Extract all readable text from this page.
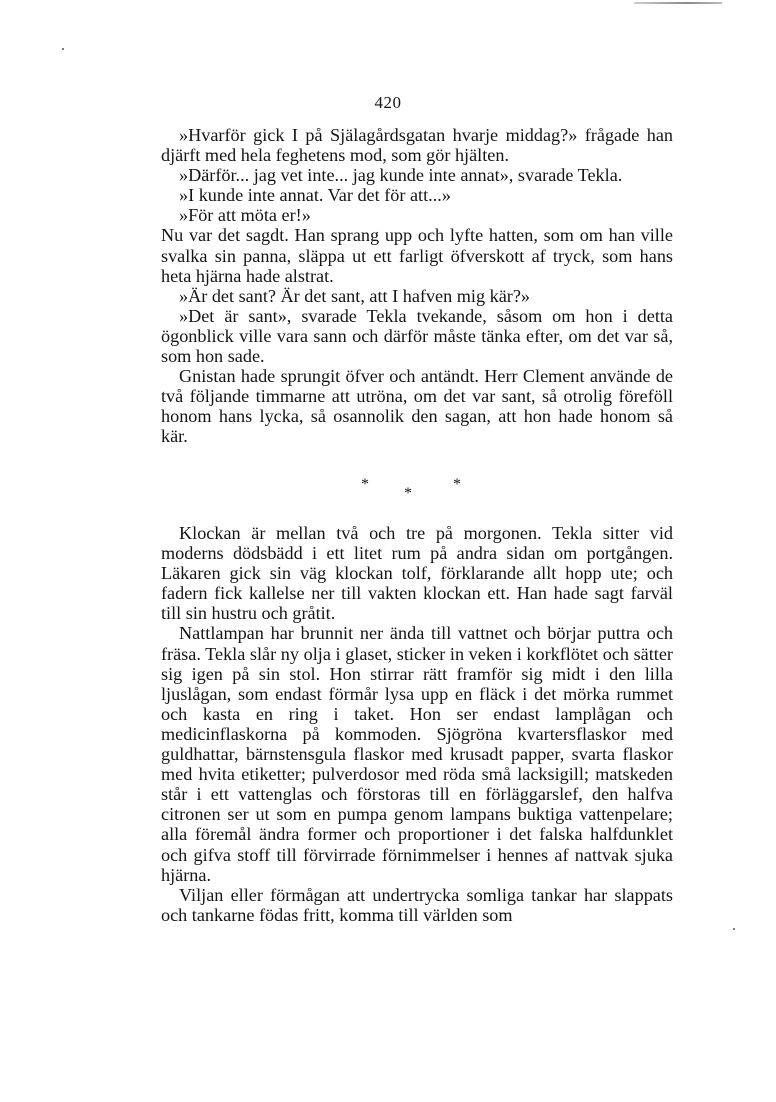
420

»Hvarför gick I på Själagårdsgatan hvarje middag?» frågade han djärft med hela feghetens mod, som gör hjälten.

»Därför... jag vet inte... jag kunde inte annat», svarade Tekla.

»I kunde inte annat. Var det för att...»

»För att möta er!»

Nu var det sagdt. Han sprang upp och lyfte hatten, som om han ville svalka sin panna, släppa ut ett farligt öfverskott af tryck, som hans heta hjärna hade alstrat.

»Är det sant? Är det sant, att I hafven mig kär?»

»Det är sant», svarade Tekla tvekande, såsom om hon i detta ögonblick ville vara sann och därför måste tänka efter, om det var så, som hon sade.

Gnistan hade sprungit öfver och antändt. Herr Clement använde de två följande timmarne att utröna, om det var sant, så otrolig föreföll honom hans lycka, så osannolik den sagan, att hon hade honom så kär.

*
*
*

Klockan är mellan två och tre på morgonen. Tekla sitter vid moderns dödsbädd i ett litet rum på andra sidan om portgången. Läkaren gick sin väg klockan tolf, förklarande allt hopp ute; och fadern fick kallelse ner till vakten klockan ett. Han hade sagt farväl till sin hustru och gråtit.

Nattlampan har brunnit ner ända till vattnet och börjar puttra och fräsa. Tekla slår ny olja i glaset, sticker in veken i korkflötet och sätter sig igen på sin stol. Hon stirrar rätt framför sig midt i den lilla ljuslågan, som endast förmår lysa upp en fläck i det mörka rummet och kasta en ring i taket. Hon ser endast lamplågan och medicinflaskorna på kommoden. Sjögröna kvartersflaskor med guldhattar, bärnstensgula flaskor med krusadt papper, svarta flaskor med hvita etiketter; pulverdosor med röda små lacksigill; matskeden står i ett vattenglas och förstoras till en förläggarslef, den halfva citronen ser ut som en pumpa genom lampans buktiga vattenpelare; alla föremål ändra former och proportioner i det falska halfdunklet och gifva stoff till förvirrade förnimmelser i hennes af nattvak sjuka hjärna.

Viljan eller förmågan att undertrycka somliga tankar har slappats och tankarne födas fritt, komma till världen som
